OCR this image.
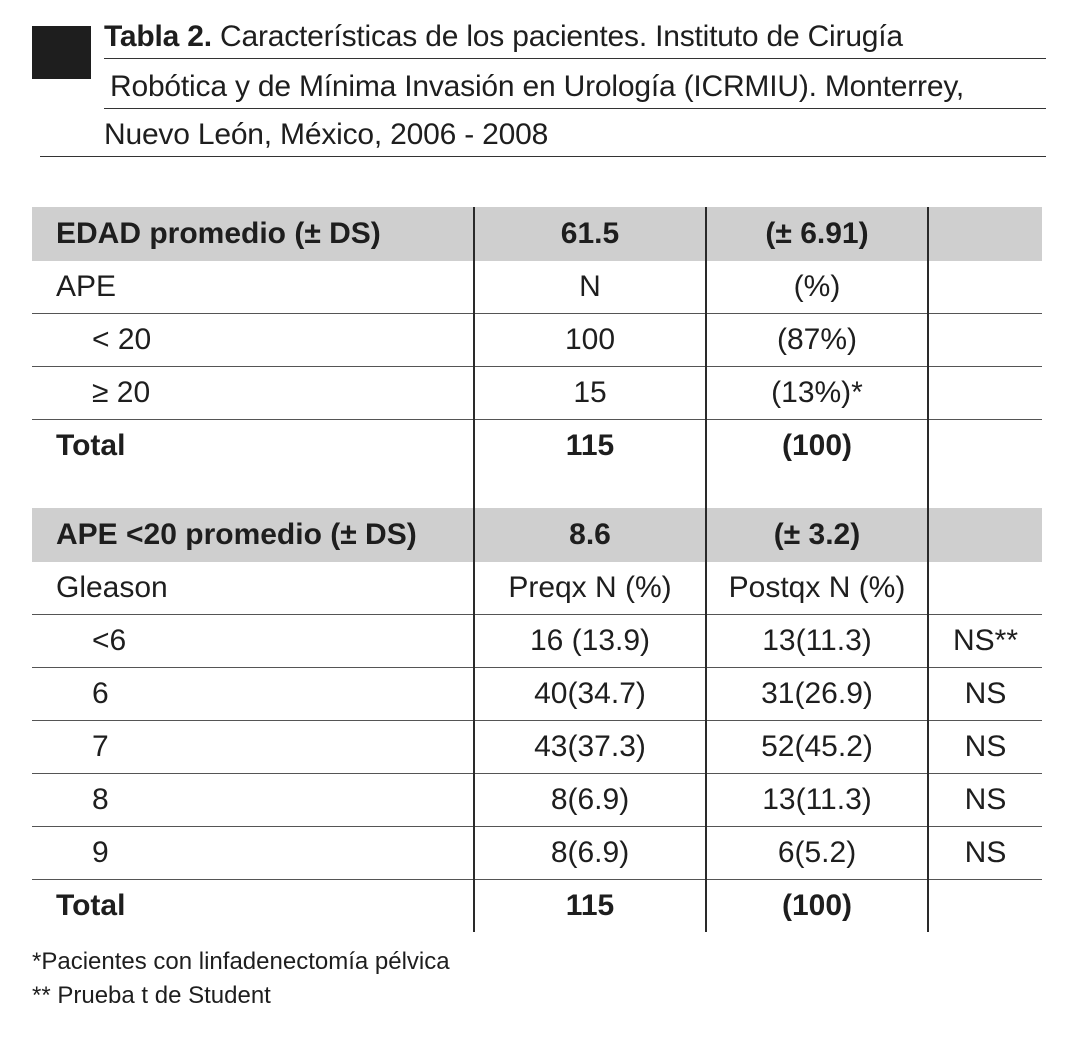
Tabla 2. Características de los pacientes. Instituto de Cirugía
Robótica y de Mínima Invasión en Urología (ICRMIU). Monterrey,
Nuevo León, México, 2006 - 2008
EDAD promedio (± DS)	61.5	(± 6.91)	
APE	N	(%)	
< 20	100	(87%)	
≥ 20	15	(13%)*	
Total	115	(100)	

APE <20 promedio (± DS)	8.6	(± 3.2)	
Gleason	Preqx N (%)	Postqx N (%)	
<6	16 (13.9)	13(11.3)	NS**
6	40(34.7)	31(26.9)	NS
7	43(37.3)	52(45.2)	NS
8	8(6.9)	13(11.3)	NS
9	8(6.9)	6(5.2)	NS
Total	115	(100)	
*Pacientes con linfadenectomía pélvica
** Prueba t de Student
